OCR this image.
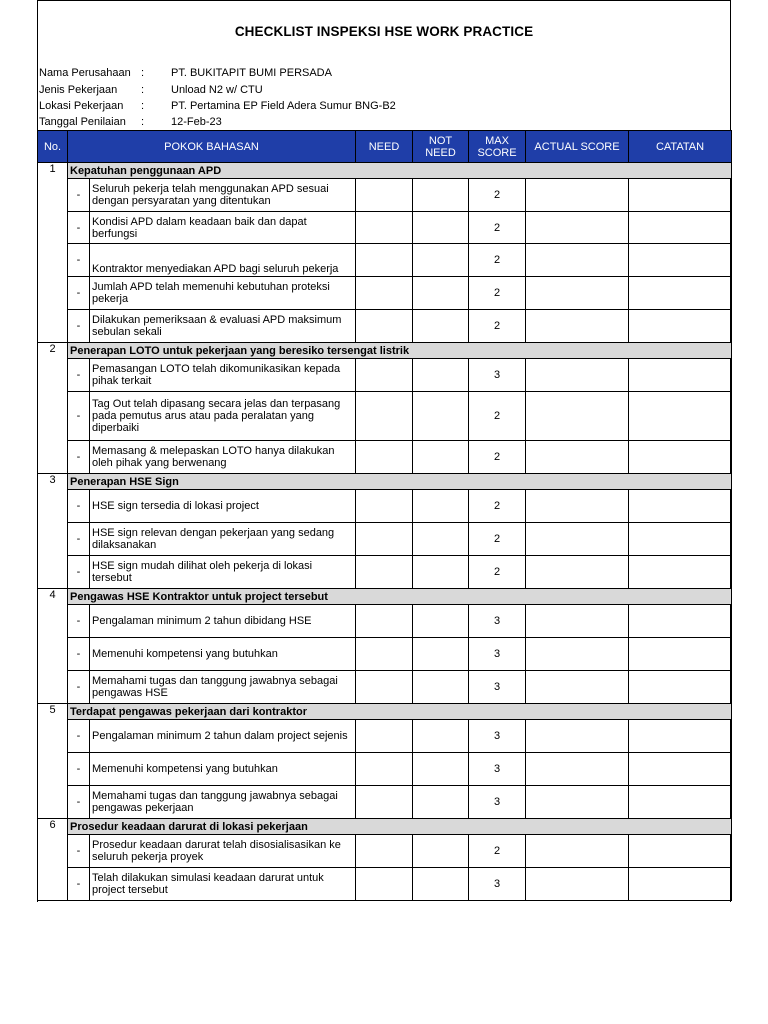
CHECKLIST INSPEKSI HSE WORK PRACTICE
Nama Perusahaan : PT. BUKITAPIT BUMI PERSADA
Jenis Pekerjaan	: Unload N2 w/ CTU
Lokasi Pekerjaan	: PT. Pertamina EP Field Adera Sumur BNG-B2
Tanggal Penilaian	: 12-Feb-23
No.	POKOK BAHASAN		NEED	NOT NEED	MAX SCORE	ACTUAL SCORE	CATATAN
1	Kepatuhan penggunaan APD						
	-	Seluruh pekerja telah menggunakan APD sesuai dengan persyaratan yang ditentukan			2		
	-	Kondisi APD dalam keadaan baik dan dapat berfungsi			2		
	-	Kontraktor menyediakan APD bagi seluruh pekerja			2		
	-	Jumlah APD telah memenuhi kebutuhan proteksi pekerja			2		
	-	Dilakukan pemeriksaan & evaluasi APD maksimum sebulan sekali			2		
2	Penerapan LOTO untuk pekerjaan yang beresiko tersengat listrik						
	-	Pemasangan LOTO telah dikomunikasikan kepada pihak terkait			3		
	-	Tag Out telah dipasang secara jelas dan terpasang pada pemutus arus atau pada peralatan yang diperbaiki			2		
	-	Memasang & melepaskan LOTO hanya dilakukan oleh pihak yang berwenang			2		
3	Penerapan HSE Sign						
	-	HSE sign tersedia di lokasi project			2		
	-	HSE sign relevan dengan pekerjaan yang sedang dilaksanakan			2		
	-	HSE sign mudah dilihat oleh pekerja di lokasi tersebut			2		
4	Pengawas HSE Kontraktor untuk project tersebut						
	-	Pengalaman minimum 2 tahun dibidang HSE			3		
	-	Memenuhi kompetensi yang butuhkan			3		
	-	Memahami tugas dan tanggung jawabnya sebagai pengawas HSE			3		
5	Terdapat pengawas pekerjaan dari kontraktor						
	-	Pengalaman minimum 2 tahun dalam project sejenis			3		
	-	Memenuhi kompetensi yang butuhkan			3		
	-	Memahami tugas dan tanggung jawabnya sebagai pengawas pekerjaan			3		
6	Prosedur keadaan darurat di lokasi pekerjaan						
	-	Prosedur keadaan darurat telah disosialisasikan ke seluruh pekerja proyek			2		
	-	Telah dilakukan simulasi keadaan darurat untuk project tersebut			3		
